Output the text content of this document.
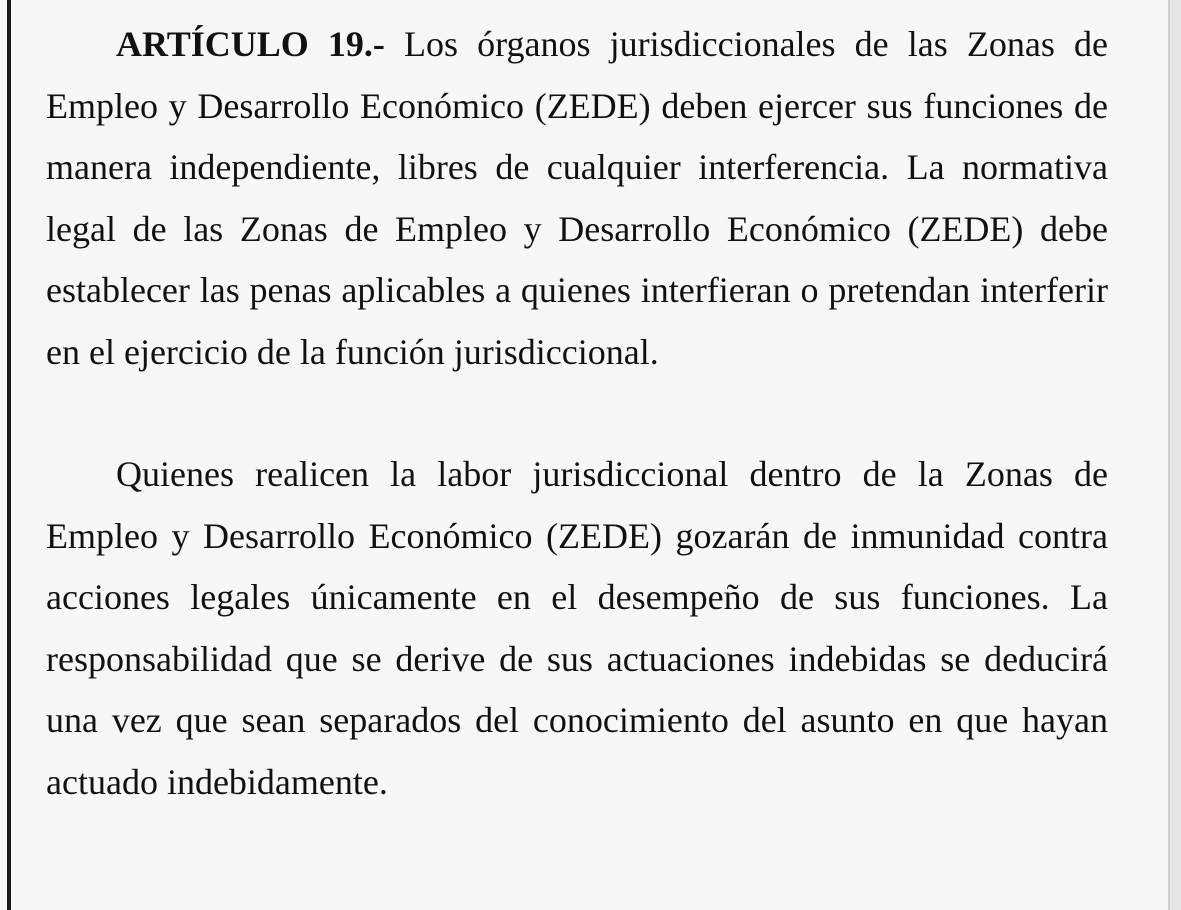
ARTÍCULO 19.- Los órganos jurisdiccionales de las Zonas de Empleo y Desarrollo Económico (ZEDE) deben ejercer sus funciones de manera independiente, libres de cualquier interferencia. La normativa legal de las Zonas de Empleo y Desarrollo Económico (ZEDE) debe establecer las penas aplicables a quienes interfieran o pretendan interferir en el ejercicio de la función jurisdiccional.

Quienes realicen la labor jurisdiccional dentro de la Zonas de Empleo y Desarrollo Económico (ZEDE) gozarán de inmunidad contra acciones legales únicamente en el desempeño de sus funciones. La responsabilidad que se derive de sus actuaciones indebidas se deducirá una vez que sean separados del conocimiento del asunto en que hayan actuado indebidamente.
